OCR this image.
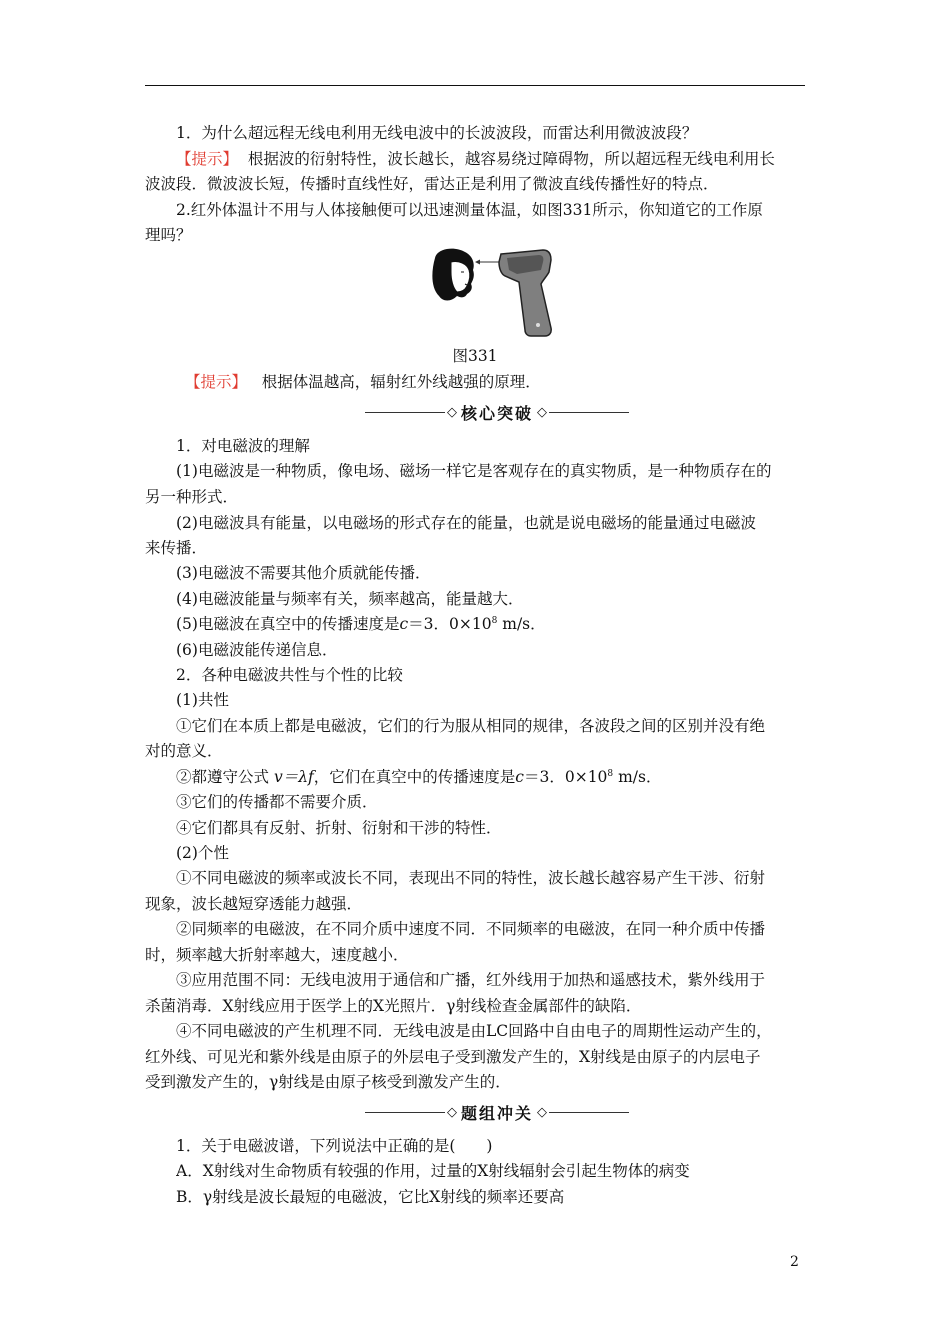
1．为什么超远程无线电利用无线电波中的长波波段，而雷达利用微波波段？
【提示】 根据波的衍射特性，波长越长，越容易绕过障碍物，所以超远程无线电利用长
波波段．微波波长短，传播时直线性好，雷达正是利用了微波直线传播性好的特点．
2.红外体温计不用与人体接触便可以迅速测量体温，如图331所示，你知道它的工作原
理吗？
图331
【提示】 根据体温越高，辐射红外线越强的原理．
◇ 核心突破 ◇
1．对电磁波的理解
(1)电磁波是一种物质，像电场、磁场一样它是客观存在的真实物质，是一种物质存在的
另一种形式．
(2)电磁波具有能量，以电磁场的形式存在的能量，也就是说电磁场的能量通过电磁波
来传播．
(3)电磁波不需要其他介质就能传播．
(4)电磁波能量与频率有关，频率越高，能量越大．
(5)电磁波在真空中的传播速度是c＝3．$0\times 10^8$ m/s．
(6)电磁波能传递信息．
2．各种电磁波共性与个性的比较
(1)共性
①它们在本质上都是电磁波，它们的行为服从相同的规律，各波段之间的区别并没有绝
对的意义．
②都遵守公式 v＝λf，它们在真空中的传播速度是c＝3．$0\times 10^8$ m/s．
③它们的传播都不需要介质．
④它们都具有反射、折射、衍射和干涉的特性．
(2)个性
①不同电磁波的频率或波长不同，表现出不同的特性，波长越长越容易产生干涉、衍射
现象，波长越短穿透能力越强．
②同频率的电磁波，在不同介质中速度不同．不同频率的电磁波，在同一种介质中传播
时，频率越大折射率越大，速度越小．
③应用范围不同：无线电波用于通信和广播，红外线用于加热和遥感技术，紫外线用于
杀菌消毒．X射线应用于医学上的X光照片．γ射线检查金属部件的缺陷．
④不同电磁波的产生机理不同．无线电波是由LC回路中自由电子的周期性运动产生的，
红外线、可见光和紫外线是由原子的外层电子受到激发产生的，X射线是由原子的内层电子
受到激发产生的，γ射线是由原子核受到激发产生的．
◇ 题组冲关 ◇
1．关于电磁波谱，下列说法中正确的是(　　)
A．X射线对生命物质有较强的作用，过量的X射线辐射会引起生物体的病变
B．γ射线是波长最短的电磁波，它比X射线的频率还要高
2
